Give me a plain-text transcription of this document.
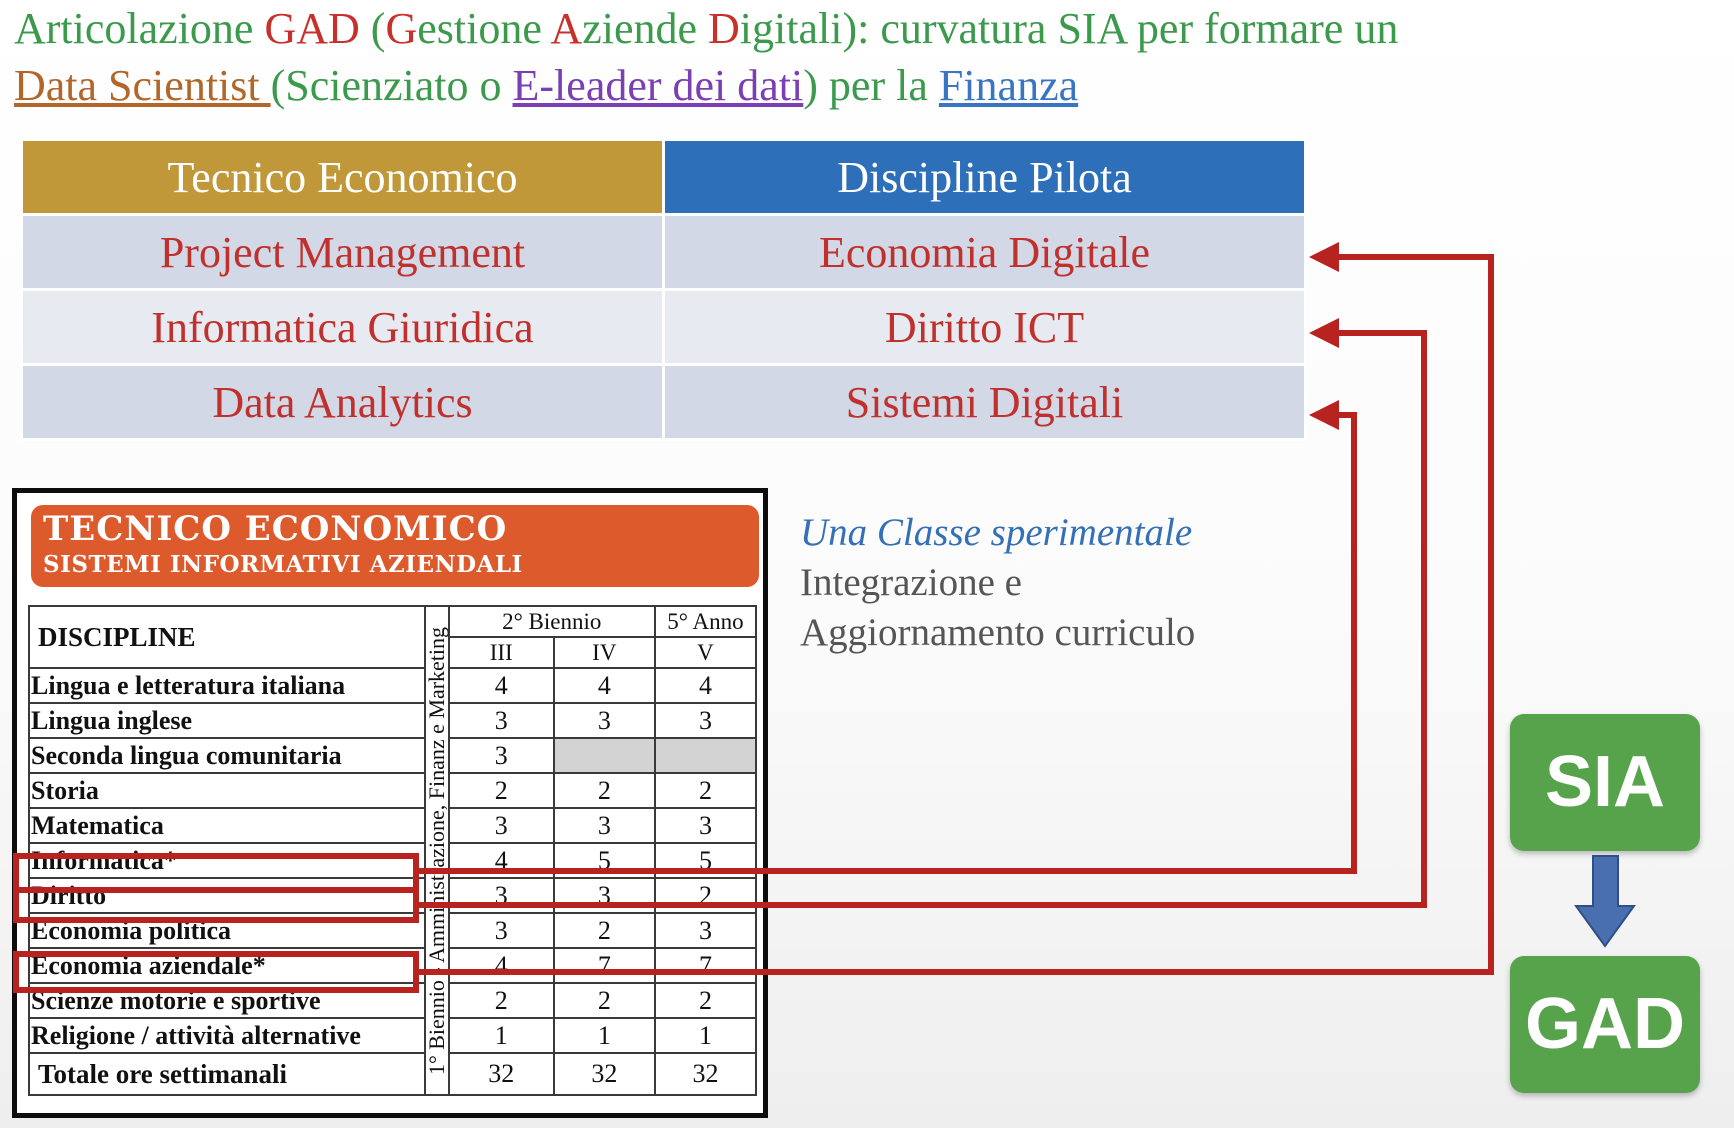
Articolazione GAD (Gestione Aziende Digitali): curvatura SIA per formare un
Data Scientist (Scienziato o E-leader dei dati) per la Finanza
Tecnico Economico	Discipline Pilota
Project Management	Economia Digitale
Informatica Giuridica	Diritto ICT
Data Analytics	Sistemi Digitali
TECNICO ECONOMICO
SISTEMI INFORMATIVI AZIENDALI
DISCIPLINE	1° Biennio - Amministrazione, Finanz e Marketing	2° Biennio		5° Anno
		III	IV	V
Lingua e letteratura italiana		4	4	4
Lingua inglese		3	3	3
Seconda lingua comunitaria		3		
Storia		2	2	2
Matematica		3	3	3
Informatica*		4	5	5
Diritto		3	3	2
Economia politica		3	2	3
Economia aziendale*		4	7	7
Scienze motorie e sportive		2	2	2
Religione / attività alternative		1	1	1
Totale ore settimanali		32	32	32
Una Classe sperimentale
Integrazione e
Aggiornamento curriculo
SIA
GAD
